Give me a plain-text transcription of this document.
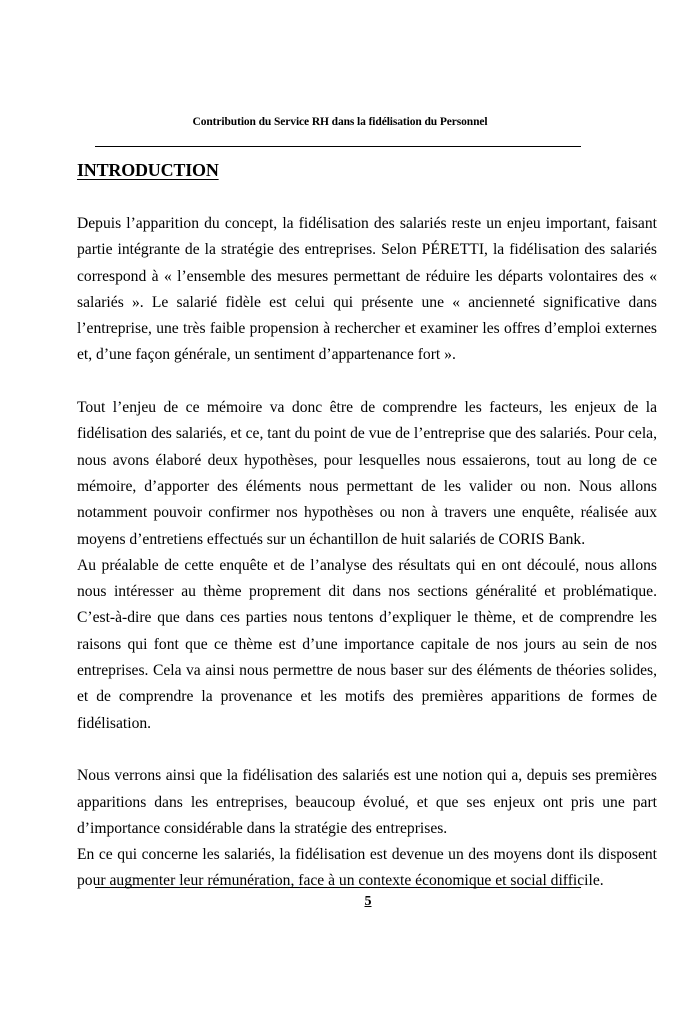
Contribution du Service RH dans la fidélisation du Personnel
INTRODUCTION

Depuis l’apparition du concept, la fidélisation des salariés reste un enjeu important, faisant partie intégrante de la stratégie des entreprises. Selon PÉRETTI, la fidélisation des salariés correspond à « l’ensemble des mesures permettant de réduire les départs volontaires des « salariés ». Le salarié fidèle est celui qui présente une « ancienneté significative dans l’entreprise, une très faible propension à rechercher et examiner les offres d’emploi externes et, d’une façon générale, un sentiment d’appartenance fort ».

Tout l’enjeu de ce mémoire va donc être de comprendre les facteurs, les enjeux de la fidélisation des salariés, et ce, tant du point de vue de l’entreprise que des salariés. Pour cela, nous avons élaboré deux hypothèses, pour lesquelles nous essaierons, tout au long de ce mémoire, d’apporter des éléments nous permettant de les valider ou non. Nous allons notamment pouvoir confirmer nos hypothèses ou non à travers une enquête, réalisée aux moyens d’entretiens effectués sur un échantillon de huit salariés de CORIS Bank.

Au préalable de cette enquête et de l’analyse des résultats qui en ont découlé, nous allons nous intéresser au thème proprement dit dans nos sections généralité et problématique. C’est-à-dire que dans ces parties nous tentons d’expliquer le thème, et de comprendre les raisons qui font que ce thème est d’une importance capitale de nos jours au sein de nos entreprises. Cela va ainsi nous permettre de nous baser sur des éléments de théories solides, et de comprendre la provenance et les motifs des premières apparitions de formes de fidélisation.

Nous verrons ainsi que la fidélisation des salariés est une notion qui a, depuis ses premières apparitions dans les entreprises, beaucoup évolué, et que ses enjeux ont pris une part d’importance considérable dans la stratégie des entreprises.

En ce qui concerne les salariés, la fidélisation est devenue un des moyens dont ils disposent pour augmenter leur rémunération, face à un contexte économique et social difficile.

5
